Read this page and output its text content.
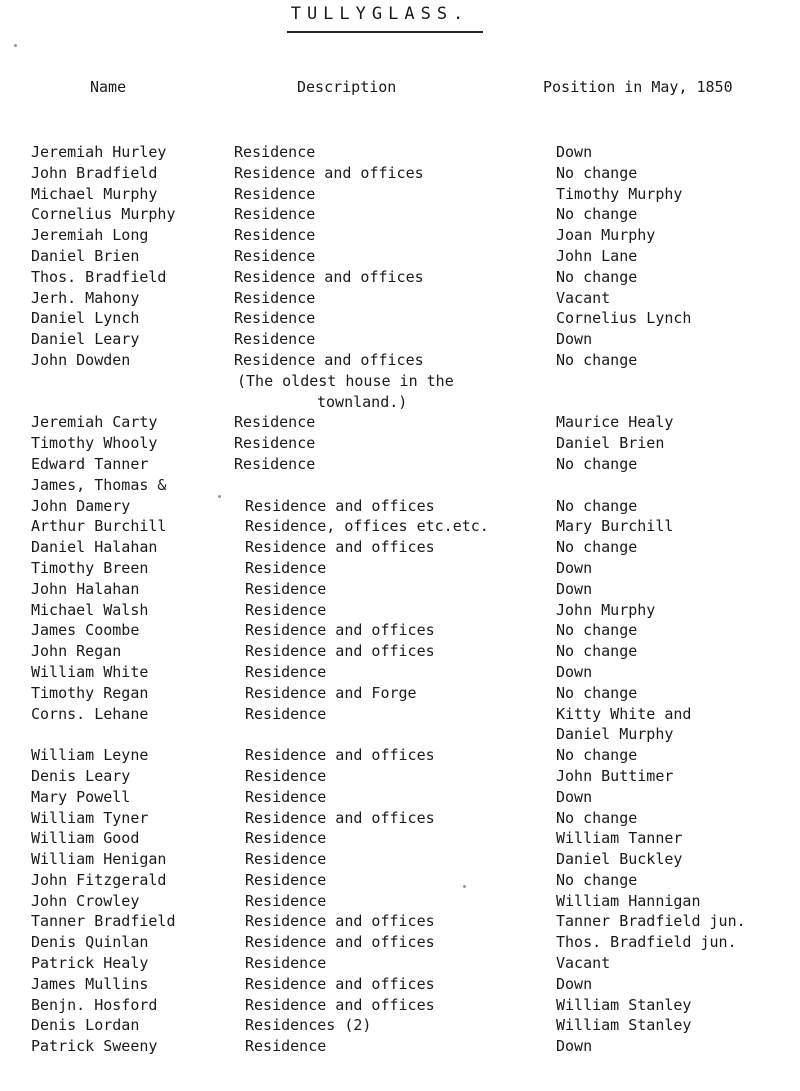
TULLYGLASS.
Name	Description	Position in May, 1850
Jeremiah Hurley	Residence	Down
John Bradfield	Residence and offices	No change
Michael Murphy	Residence	Timothy Murphy
Cornelius Murphy	Residence	No change
Jeremiah Long	Residence	Joan Murphy
Daniel Brien	Residence	John Lane
Thos. Bradfield	Residence and offices	No change
Jerh. Mahony	Residence	Vacant
Daniel Lynch	Residence	Cornelius Lynch
Daniel Leary	Residence	Down
John Dowden	Residence and offices	No change
(The oldest house in the
townland.)
Jeremiah Carty	Residence	Maurice Healy
Timothy Whooly	Residence	Daniel Brien
Edward Tanner	Residence	No change
James, Thomas &
John Damery	Residence and offices	No change
Arthur Burchill	Residence, offices etc.etc.	Mary Burchill
Daniel Halahan	Residence and offices	No change
Timothy Breen	Residence	Down
John Halahan	Residence	Down
Michael Walsh	Residence	John Murphy
James Coombe	Residence and offices	No change
John Regan	Residence and offices	No change
William White	Residence	Down
Timothy Regan	Residence and Forge	No change
Corns. Lehane	Residence	Kitty White and
Daniel Murphy
William Leyne	Residence and offices	No change
Denis Leary	Residence	John Buttimer
Mary Powell	Residence	Down
William Tyner	Residence and offices	No change
William Good	Residence	William Tanner
William Henigan	Residence	Daniel Buckley
John Fitzgerald	Residence	No change
John Crowley	Residence	William Hannigan
Tanner Bradfield	Residence and offices	Tanner Bradfield jun.
Denis Quinlan	Residence and offices	Thos. Bradfield jun.
Patrick Healy	Residence	Vacant
James Mullins	Residence and offices	Down
Benjn. Hosford	Residence and offices	William Stanley
Denis Lordan	Residences (2)	William Stanley
Patrick Sweeny	Residence	Down
